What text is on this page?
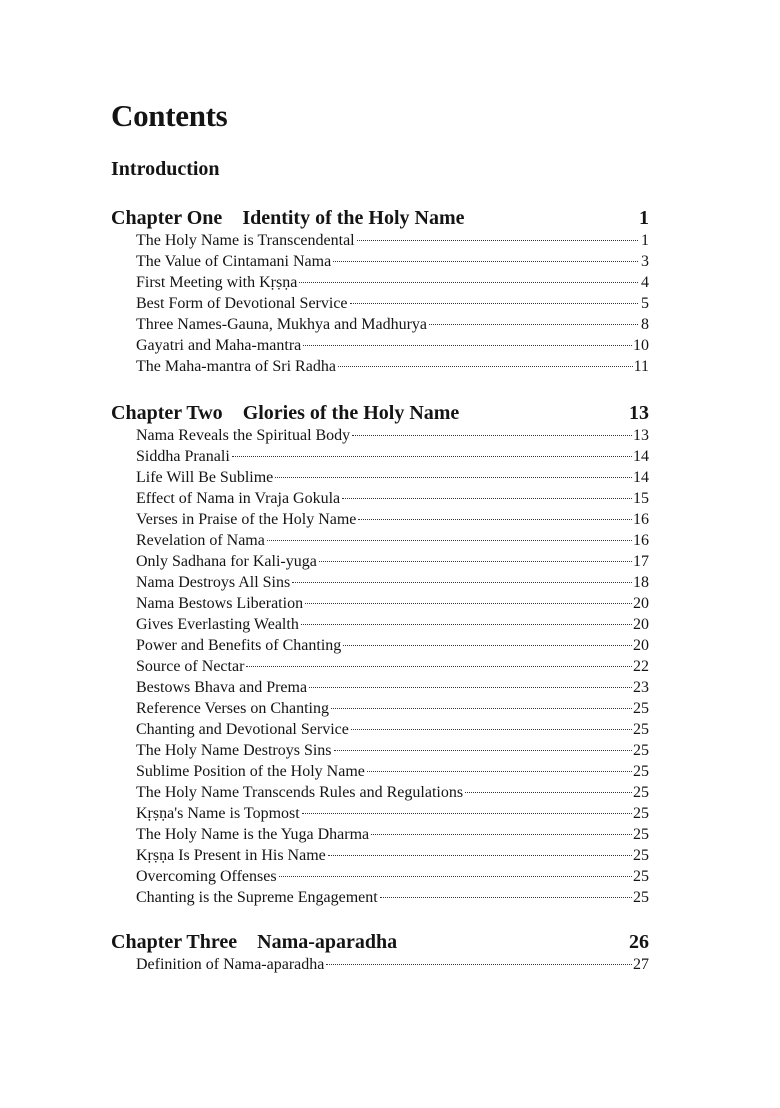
Contents
Introduction
Chapter One Identity of the Holy Name	1
The Holy Name is Transcendental	1
The Value of Cintamani Nama	3
First Meeting with Kṛṣṇa	4
Best Form of Devotional Service	5
Three Names-Gauna, Mukhya and Madhurya	8
Gayatri and Maha-mantra	10
The Maha-mantra of Sri Radha	11
Chapter Two Glories of the Holy Name	13
Nama Reveals the Spiritual Body	13
Siddha Pranali	14
Life Will Be Sublime	14
Effect of Nama in Vraja Gokula	15
Verses in Praise of the Holy Name	16
Revelation of Nama	16
Only Sadhana for Kali-yuga	17
Nama Destroys All Sins	18
Nama Bestows Liberation	20
Gives Everlasting Wealth	20
Power and Benefits of Chanting	20
Source of Nectar	22
Bestows Bhava and Prema	23
Reference Verses on Chanting	25
Chanting and Devotional Service	25
The Holy Name Destroys Sins	25
Sublime Position of the Holy Name	25
The Holy Name Transcends Rules and Regulations	25
Kṛṣṇa's Name is Topmost	25
The Holy Name is the Yuga Dharma	25
Kṛṣṇa Is Present in His Name	25
Overcoming Offenses	25
Chanting is the Supreme Engagement	25
Chapter Three Nama-aparadha	26
Definition of Nama-aparadha	27
